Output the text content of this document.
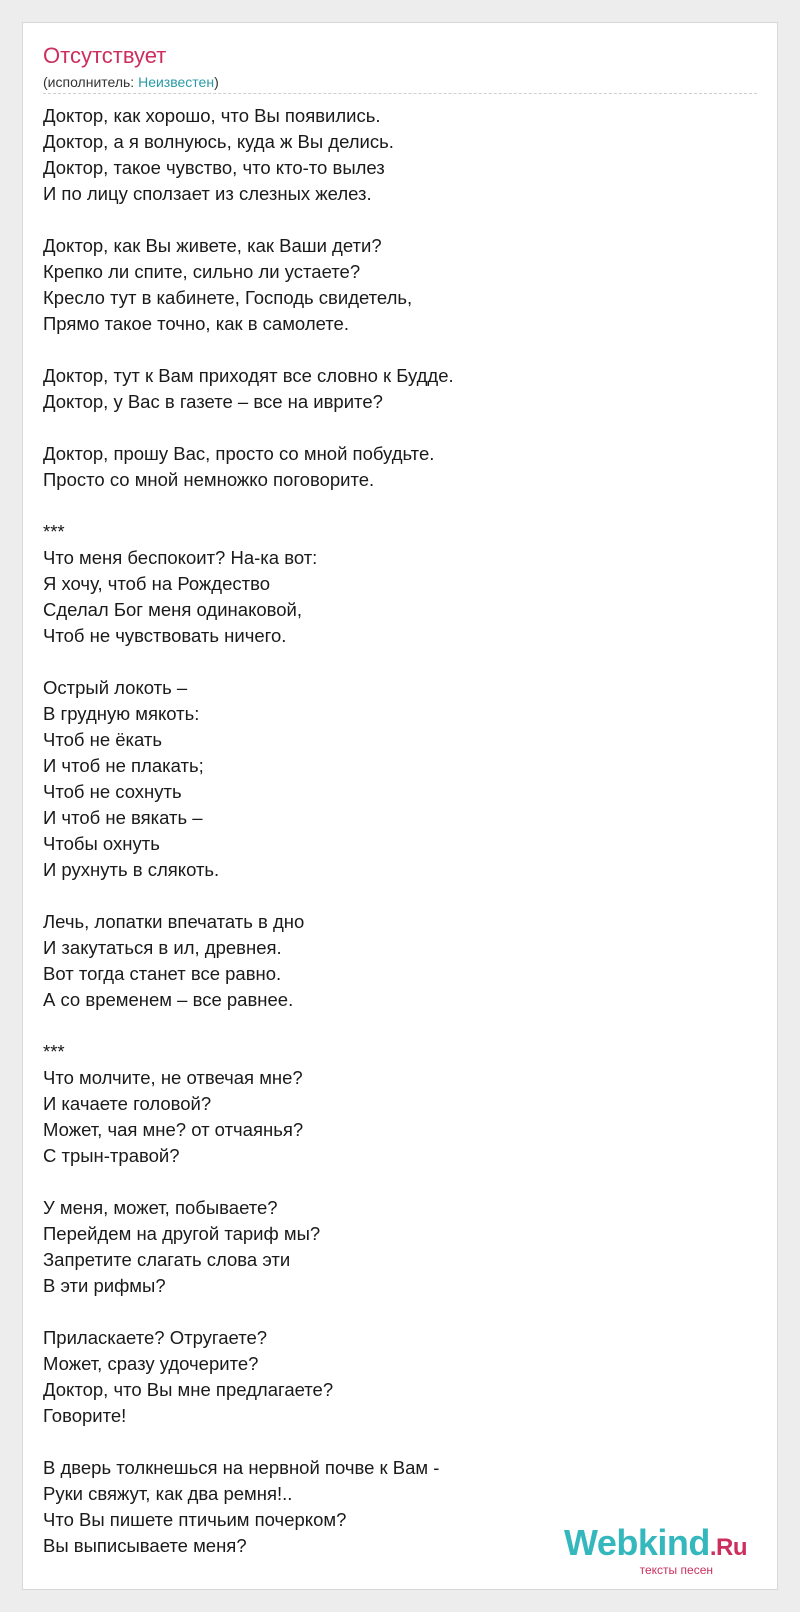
Отсутствует
(исполнитель: Неизвестен)
Доктор, как хорошо, что Вы появились.
Доктор, а я волнуюсь, куда ж Вы делись.
Доктор, такое чувство, что кто-то вылез
И по лицу сползает из слезных желез.
Доктор, как Вы живете, как Ваши дети?
Крепко ли спите, сильно ли устаете?
Кресло тут в кабинете, Господь свидетель,
Прямо такое точно, как в самолете.
Доктор, тут к Вам приходят все словно к Будде.
Доктор, у Вас в газете – все на иврите?
Доктор, прошу Вас, просто со мной побудьте.
Просто со мной немножко поговорите.
***
Что меня беспокоит? На-ка вот:
Я хочу, чтоб на Рождество
Сделал Бог меня одинаковой,
Чтоб не чувствовать ничего.
Острый локоть –
В грудную мякоть:
Чтоб не ёкать
И чтоб не плакать;
Чтоб не сохнуть
И чтоб не вякать –
Чтобы охнуть
И рухнуть в слякоть.
Лечь, лопатки впечатать в дно
И закутаться в ил, древнея.
Вот тогда станет все равно.
А со временем – все равнее.
***
Что молчите, не отвечая мне?
И качаете головой?
Может, чая мне? от отчаянья?
С трын-травой?
У меня, может, побываете?
Перейдем на другой тариф мы?
Запретите слагать слова эти
В эти рифмы?
Приласкаете? Отругаете?
Может, сразу удочерите?
Доктор, что Вы мне предлагаете?
Говорите!
В дверь толкнешься на нервной почве к Вам -
Руки свяжут, как два ремня!..
Что Вы пишете птичьим почерком?
Вы выписываете меня?	Webkind.Ru
тексты песен
